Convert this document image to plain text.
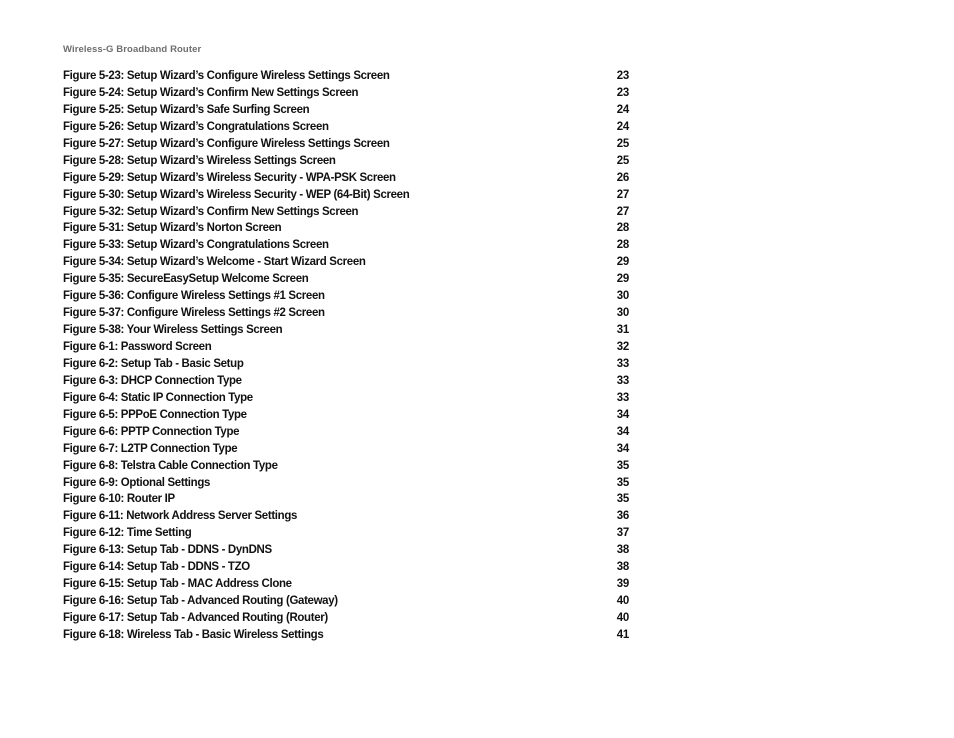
Wireless-G Broadband Router
Figure 5-23: Setup Wizard’s Configure Wireless Settings Screen	23
Figure 5-24: Setup Wizard’s Confirm New Settings Screen	23
Figure 5-25: Setup Wizard’s Safe Surfing Screen	24
Figure 5-26: Setup Wizard’s Congratulations Screen	24
Figure 5-27: Setup Wizard’s Configure Wireless Settings Screen	25
Figure 5-28: Setup Wizard’s Wireless Settings Screen	25
Figure 5-29: Setup Wizard’s Wireless Security - WPA-PSK Screen	26
Figure 5-30: Setup Wizard’s Wireless Security - WEP (64-Bit) Screen	27
Figure 5-32: Setup Wizard’s Confirm New Settings Screen	27
Figure 5-31: Setup Wizard’s Norton Screen	28
Figure 5-33: Setup Wizard’s Congratulations Screen	28
Figure 5-34: Setup Wizard’s Welcome - Start Wizard Screen	29
Figure 5-35: SecureEasySetup Welcome Screen	29
Figure 5-36: Configure Wireless Settings #1 Screen	30
Figure 5-37: Configure Wireless Settings #2 Screen	30
Figure 5-38: Your Wireless Settings Screen	31
Figure 6-1: Password Screen	32
Figure 6-2: Setup Tab - Basic Setup	33
Figure 6-3: DHCP Connection Type	33
Figure 6-4: Static IP Connection Type	33
Figure 6-5: PPPoE Connection Type	34
Figure 6-6: PPTP Connection Type	34
Figure 6-7: L2TP Connection Type	34
Figure 6-8: Telstra Cable Connection Type	35
Figure 6-9: Optional Settings	35
Figure 6-10: Router IP	35
Figure 6-11: Network Address Server Settings	36
Figure 6-12: Time Setting	37
Figure 6-13: Setup Tab - DDNS - DynDNS	38
Figure 6-14: Setup Tab - DDNS - TZO	38
Figure 6-15: Setup Tab - MAC Address Clone	39
Figure 6-16: Setup Tab - Advanced Routing (Gateway)	40
Figure 6-17: Setup Tab - Advanced Routing (Router)	40
Figure 6-18: Wireless Tab - Basic Wireless Settings	41
